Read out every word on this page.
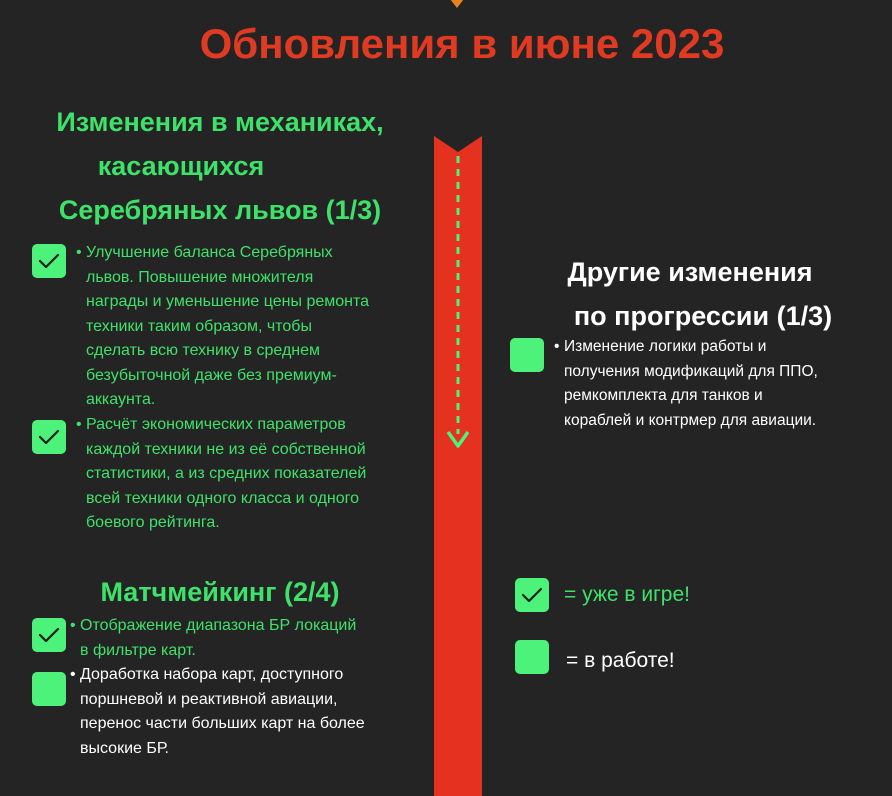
Обновления в июне 2023
Изменения в механиках,
касающихся
Серебряных львов (1/3)
• Улучшение баланса Серебряных
львов. Повышение множителя
награды и уменьшение цены ремонта
техники таким образом, чтобы
сделать всю технику в среднем
безубыточной даже без премиум-
аккаунта.
• Расчёт экономических параметров
каждой техники не из её собственной
статистики, а из средних показателей
всей техники одного класса и одного
боевого рейтинга.
Другие изменения
по прогрессии (1/3)
• Изменение логики работы и
получения модификаций для ППО,
ремкомплекта для танков и
кораблей и контрмер для авиации.
Матчмейкинг (2/4)
• Отображение диапазона БР локаций
в фильтре карт.
• Доработка набора карт, доступного
поршневой и реактивной авиации,
перенос части больших карт на более
высокие БР.
= уже в игре!
= в работе!
